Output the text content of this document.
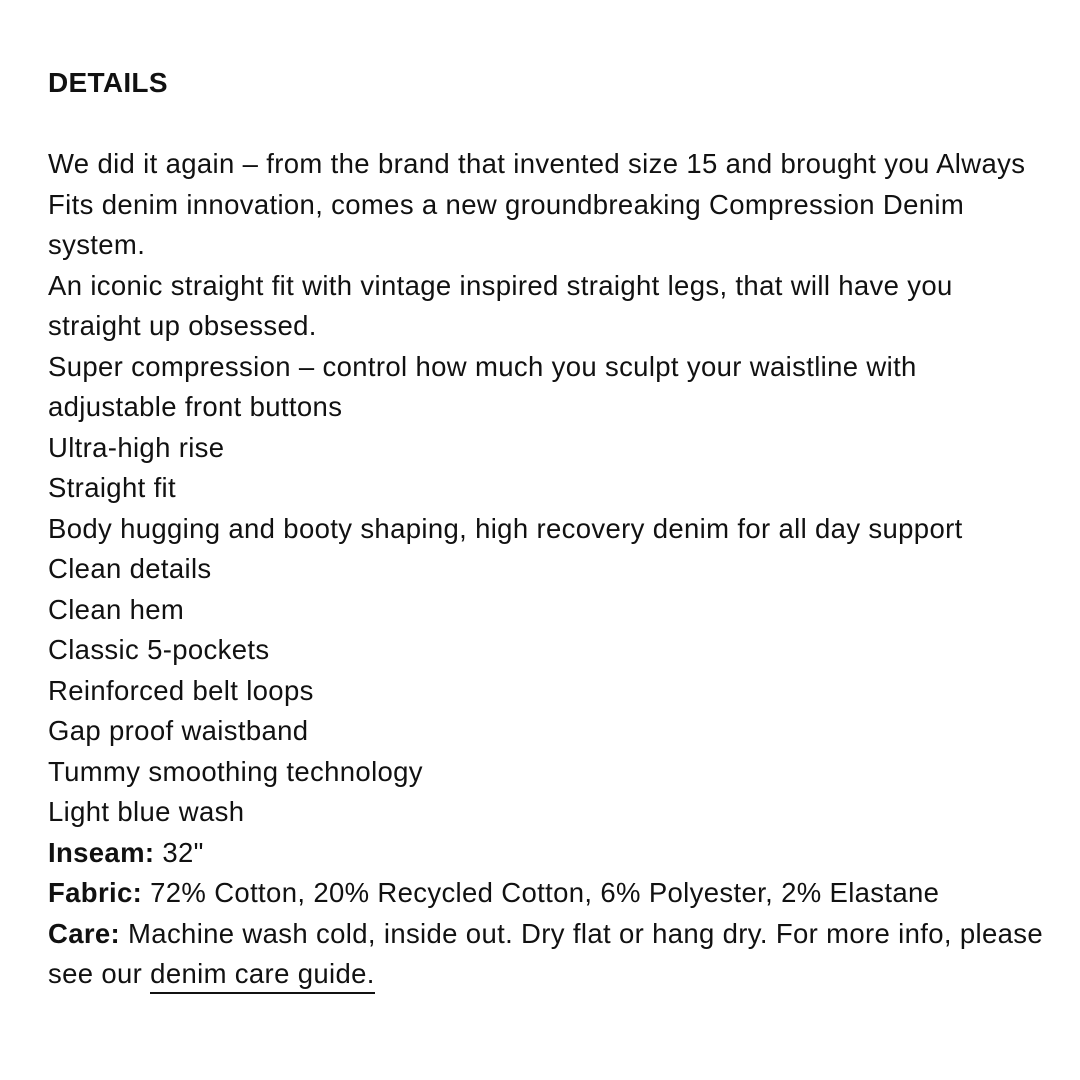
DETAILS

We did it again – from the brand that invented size 15 and brought you Always Fits denim innovation, comes a new groundbreaking Compression Denim system.

An iconic straight fit with vintage inspired straight legs, that will have you straight up obsessed.

Super compression – control how much you sculpt your waistline with adjustable front buttons

Ultra-high rise

Straight fit

Body hugging and booty shaping, high recovery denim for all day support

Clean details

Clean hem

Classic 5-pockets

Reinforced belt loops

Gap proof waistband

Tummy smoothing technology

Light blue wash

Inseam: 32"

Fabric: 72% Cotton, 20% Recycled Cotton, 6% Polyester, 2% Elastane

Care: Machine wash cold, inside out. Dry flat or hang dry. For more info, please see our denim care guide.
